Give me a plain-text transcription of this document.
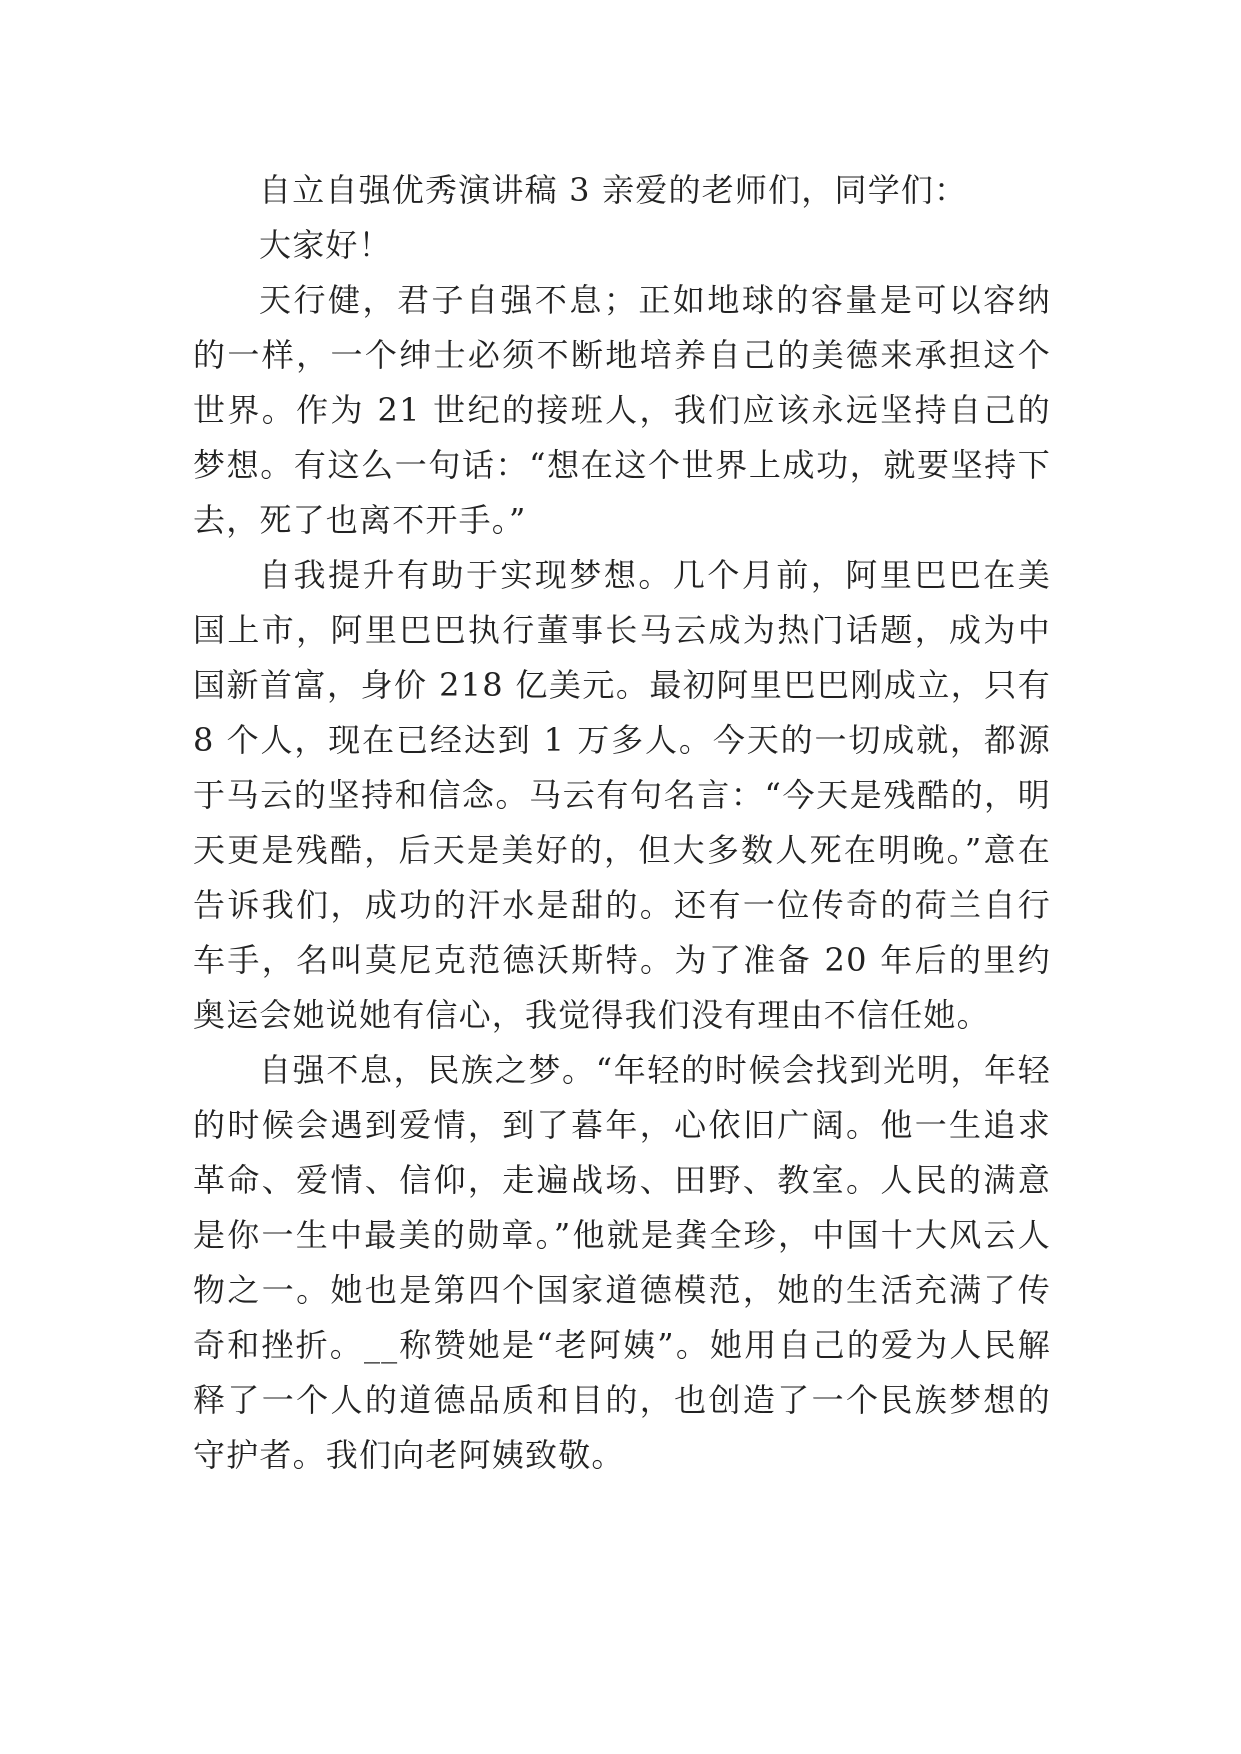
自立自强优秀演讲稿 3 亲爱的老师们，同学们：

大家好！

天行健，君子自强不息；正如地球的容量是可以容纳的一样，一个绅士必须不断地培养自己的美德来承担这个世界。作为 21 世纪的接班人，我们应该永远坚持自己的梦想。有这么一句话：“想在这个世界上成功，就要坚持下去，死了也离不开手。”

自我提升有助于实现梦想。几个月前，阿里巴巴在美国上市，阿里巴巴执行董事长马云成为热门话题，成为中国新首富，身价 218 亿美元。最初阿里巴巴刚成立，只有 8 个人，现在已经达到 1 万多人。今天的一切成就，都源于马云的坚持和信念。马云有句名言：“今天是残酷的，明天更是残酷，后天是美好的，但大多数人死在明晚。”意在告诉我们，成功的汗水是甜的。还有一位传奇的荷兰自行车手，名叫莫尼克范德沃斯特。为了准备 20 年后的里约奥运会她说她有信心，我觉得我们没有理由不信任她。

自强不息，民族之梦。“年轻的时候会找到光明，年轻的时候会遇到爱情，到了暮年，心依旧广阔。他一生追求革命、爱情、信仰，走遍战场、田野、教室。人民的满意是你一生中最美的勋章。”他就是龚全珍，中国十大风云人物之一。她也是第四个国家道德模范，她的生活充满了传奇和挫折。__称赞她是“老阿姨”。她用自己的爱为人民解释了一个人的道德品质和目的，也创造了一个民族梦想的守护者。我们向老阿姨致敬。
